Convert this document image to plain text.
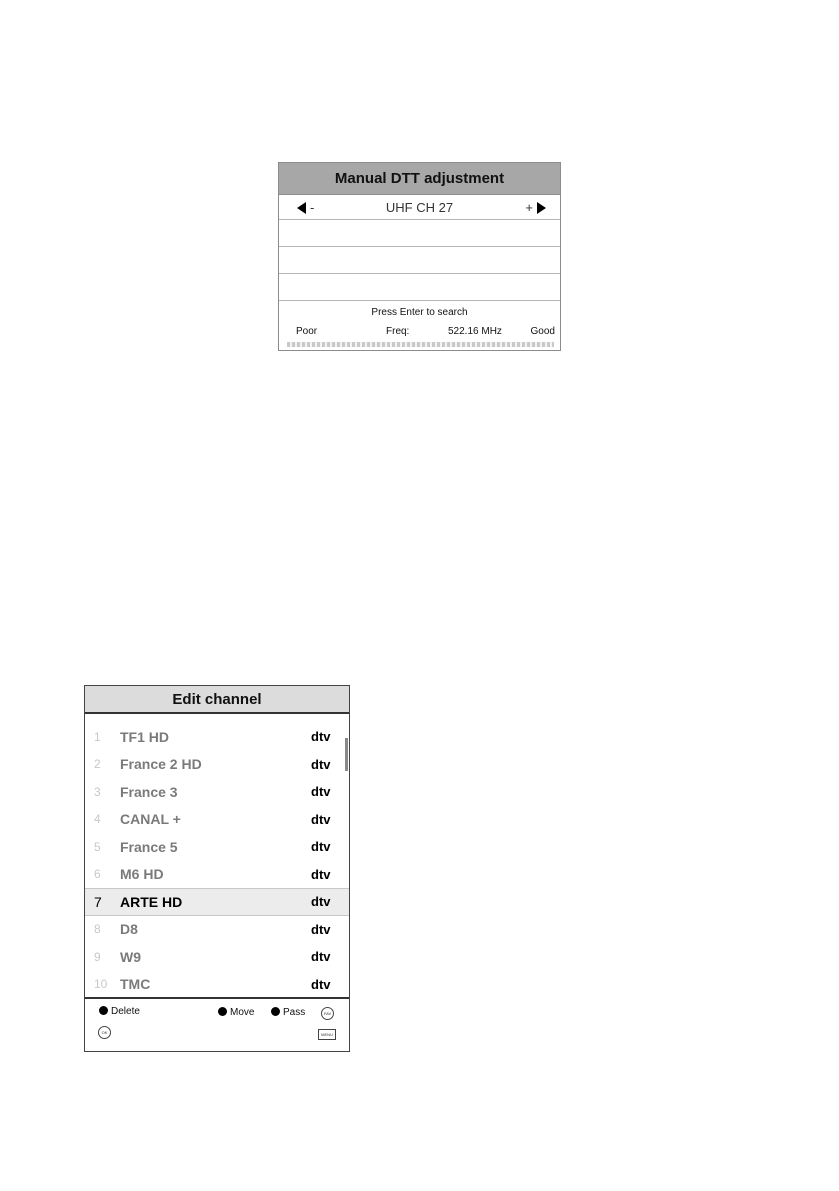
Manual DTT adjustment
-	UHF CH 27	+
Press Enter to search
Poor	Freq:	522.16 MHz	Good
Edit channel
1 TF1 HD	dtv
2 France 2 HD	dtv
3 France 3	dtv
4 CANAL +	dtv
5 France 5	dtv
6 M6 HD	dtv
7 ARTE HD	dtv
8 D8	dtv
9 W9	dtv
10 TMC	dtv
Delete	Move	Pass	FAV
OK	MENU
